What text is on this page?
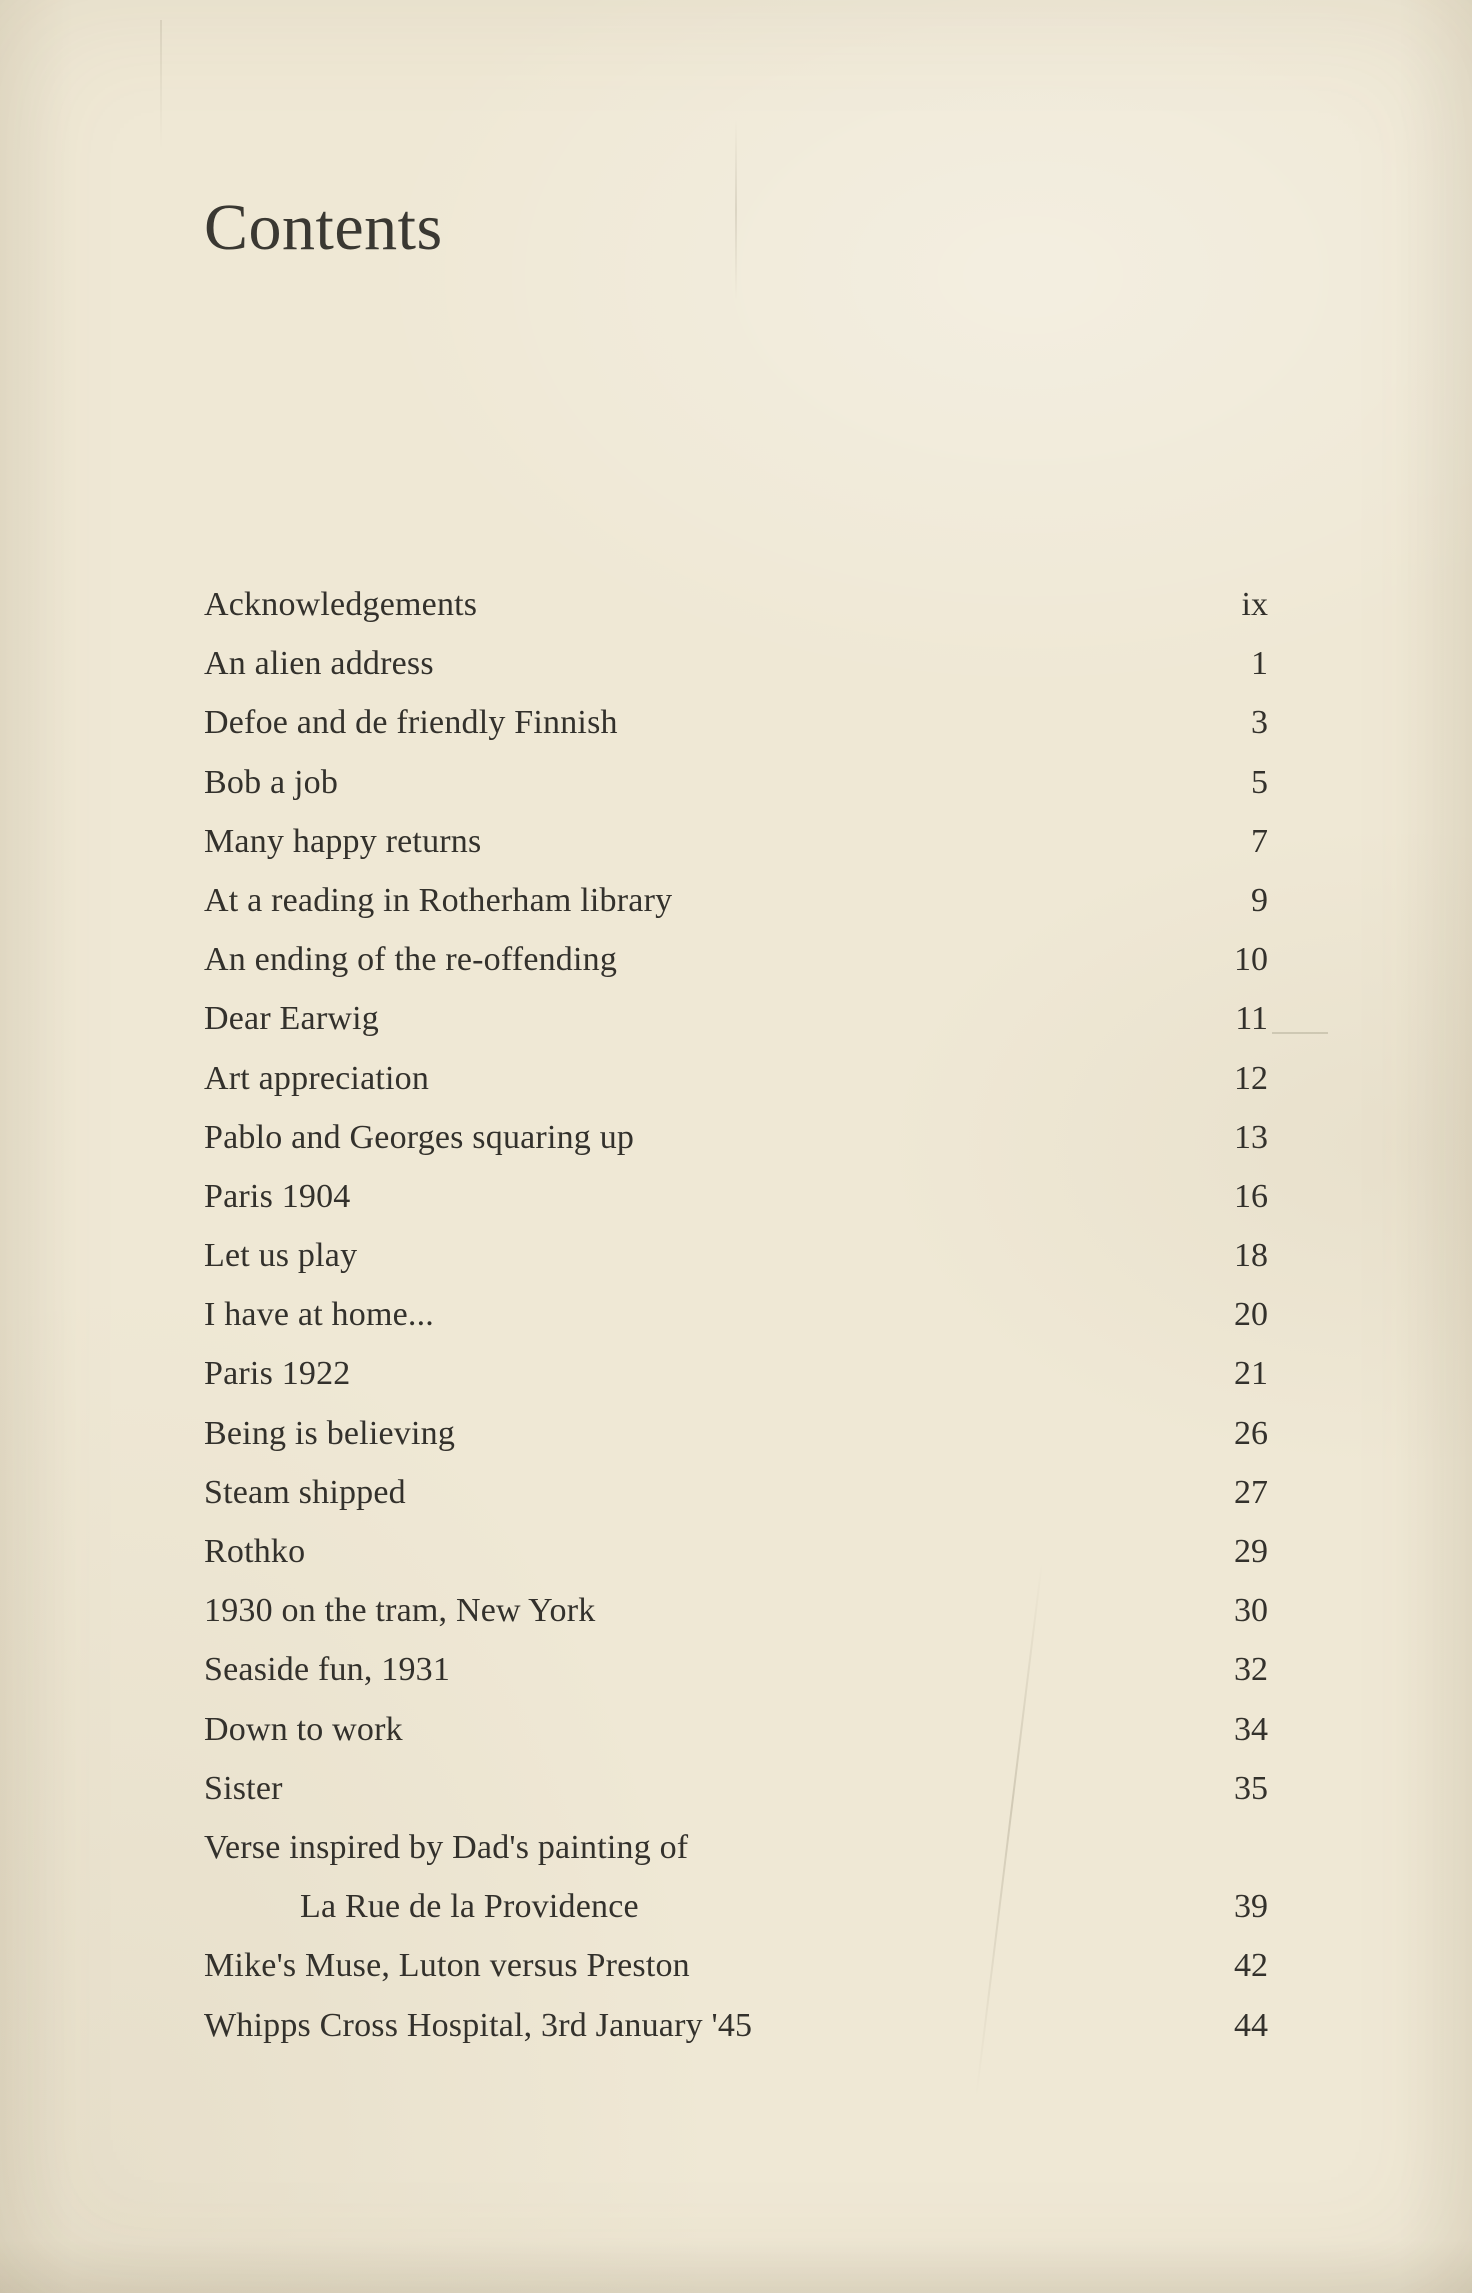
Contents
Acknowledgements	ix
An alien address	1
Defoe and de friendly Finnish	3
Bob a job	5
Many happy returns	7
At a reading in Rotherham library	9
An ending of the re-offending	10
Dear Earwig	11
Art appreciation	12
Pablo and Georges squaring up	13
Paris 1904	16
Let us play	18
I have at home...	20
Paris 1922	21
Being is believing	26
Steam shipped	27
Rothko	29
1930 on the tram, New York	30
Seaside fun, 1931	32
Down to work	34
Sister	35
Verse inspired by Dad's painting of
La Rue de la Providence	39
Mike's Muse, Luton versus Preston	42
Whipps Cross Hospital, 3rd January '45	44
